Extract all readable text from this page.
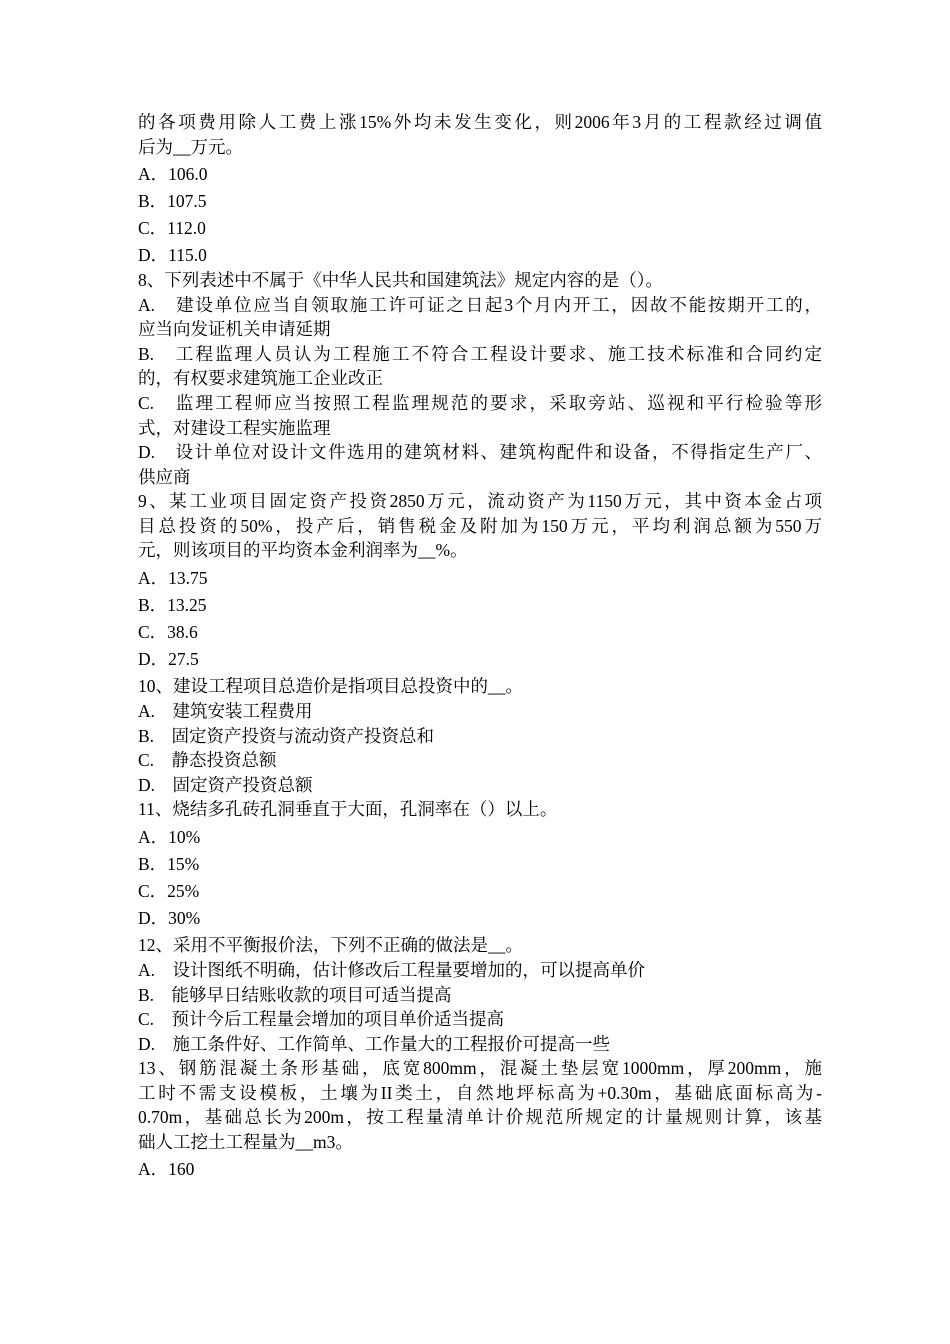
的各项费用除人工费上涨15%外均未发生变化，则2006年3月的工程款经过调值
后为__万元。
A．106.0
B．107.5
C．112.0
D．115.0
8、下列表述中不属于《中华人民共和国建筑法》规定内容的是（）。
A.　建设单位应当自领取施工许可证之日起3个月内开工，因故不能按期开工的，
应当向发证机关申请延期
B.　工程监理人员认为工程施工不符合工程设计要求、施工技术标准和合同约定
的，有权要求建筑施工企业改正
C.　监理工程师应当按照工程监理规范的要求，采取旁站、巡视和平行检验等形
式，对建设工程实施监理
D.　设计单位对设计文件选用的建筑材料、建筑构配件和设备，不得指定生产厂、
供应商
9、某工业项目固定资产投资2850万元，流动资产为1150万元，其中资本金占项
目总投资的50%，投产后，销售税金及附加为150万元，平均利润总额为550万
元，则该项目的平均资本金利润率为__%。
A．13.75
B．13.25
C．38.6
D．27.5
10、建设工程项目总造价是指项目总投资中的__。
A.　建筑安装工程费用
B.　固定资产投资与流动资产投资总和
C.　静态投资总额
D.　固定资产投资总额
11、烧结多孔砖孔洞垂直于大面，孔洞率在（）以上。
A．10%
B．15%
C．25%
D．30%
12、采用不平衡报价法，下列不正确的做法是__。
A.　设计图纸不明确，估计修改后工程量要增加的，可以提高单价
B.　能够早日结账收款的项目可适当提高
C.　预计今后工程量会增加的项目单价适当提高
D.　施工条件好、工作简单、工作量大的工程报价可提高一些
13、钢筋混凝土条形基础，底宽800mm，混凝土垫层宽1000mm，厚200mm，施
工时不需支设模板，土壤为II类土，自然地坪标高为+0.30m，基础底面标高为-
0.70m，基础总长为200m，按工程量清单计价规范所规定的计量规则计算，该基
础人工挖土工程量为__m3。
A．160
